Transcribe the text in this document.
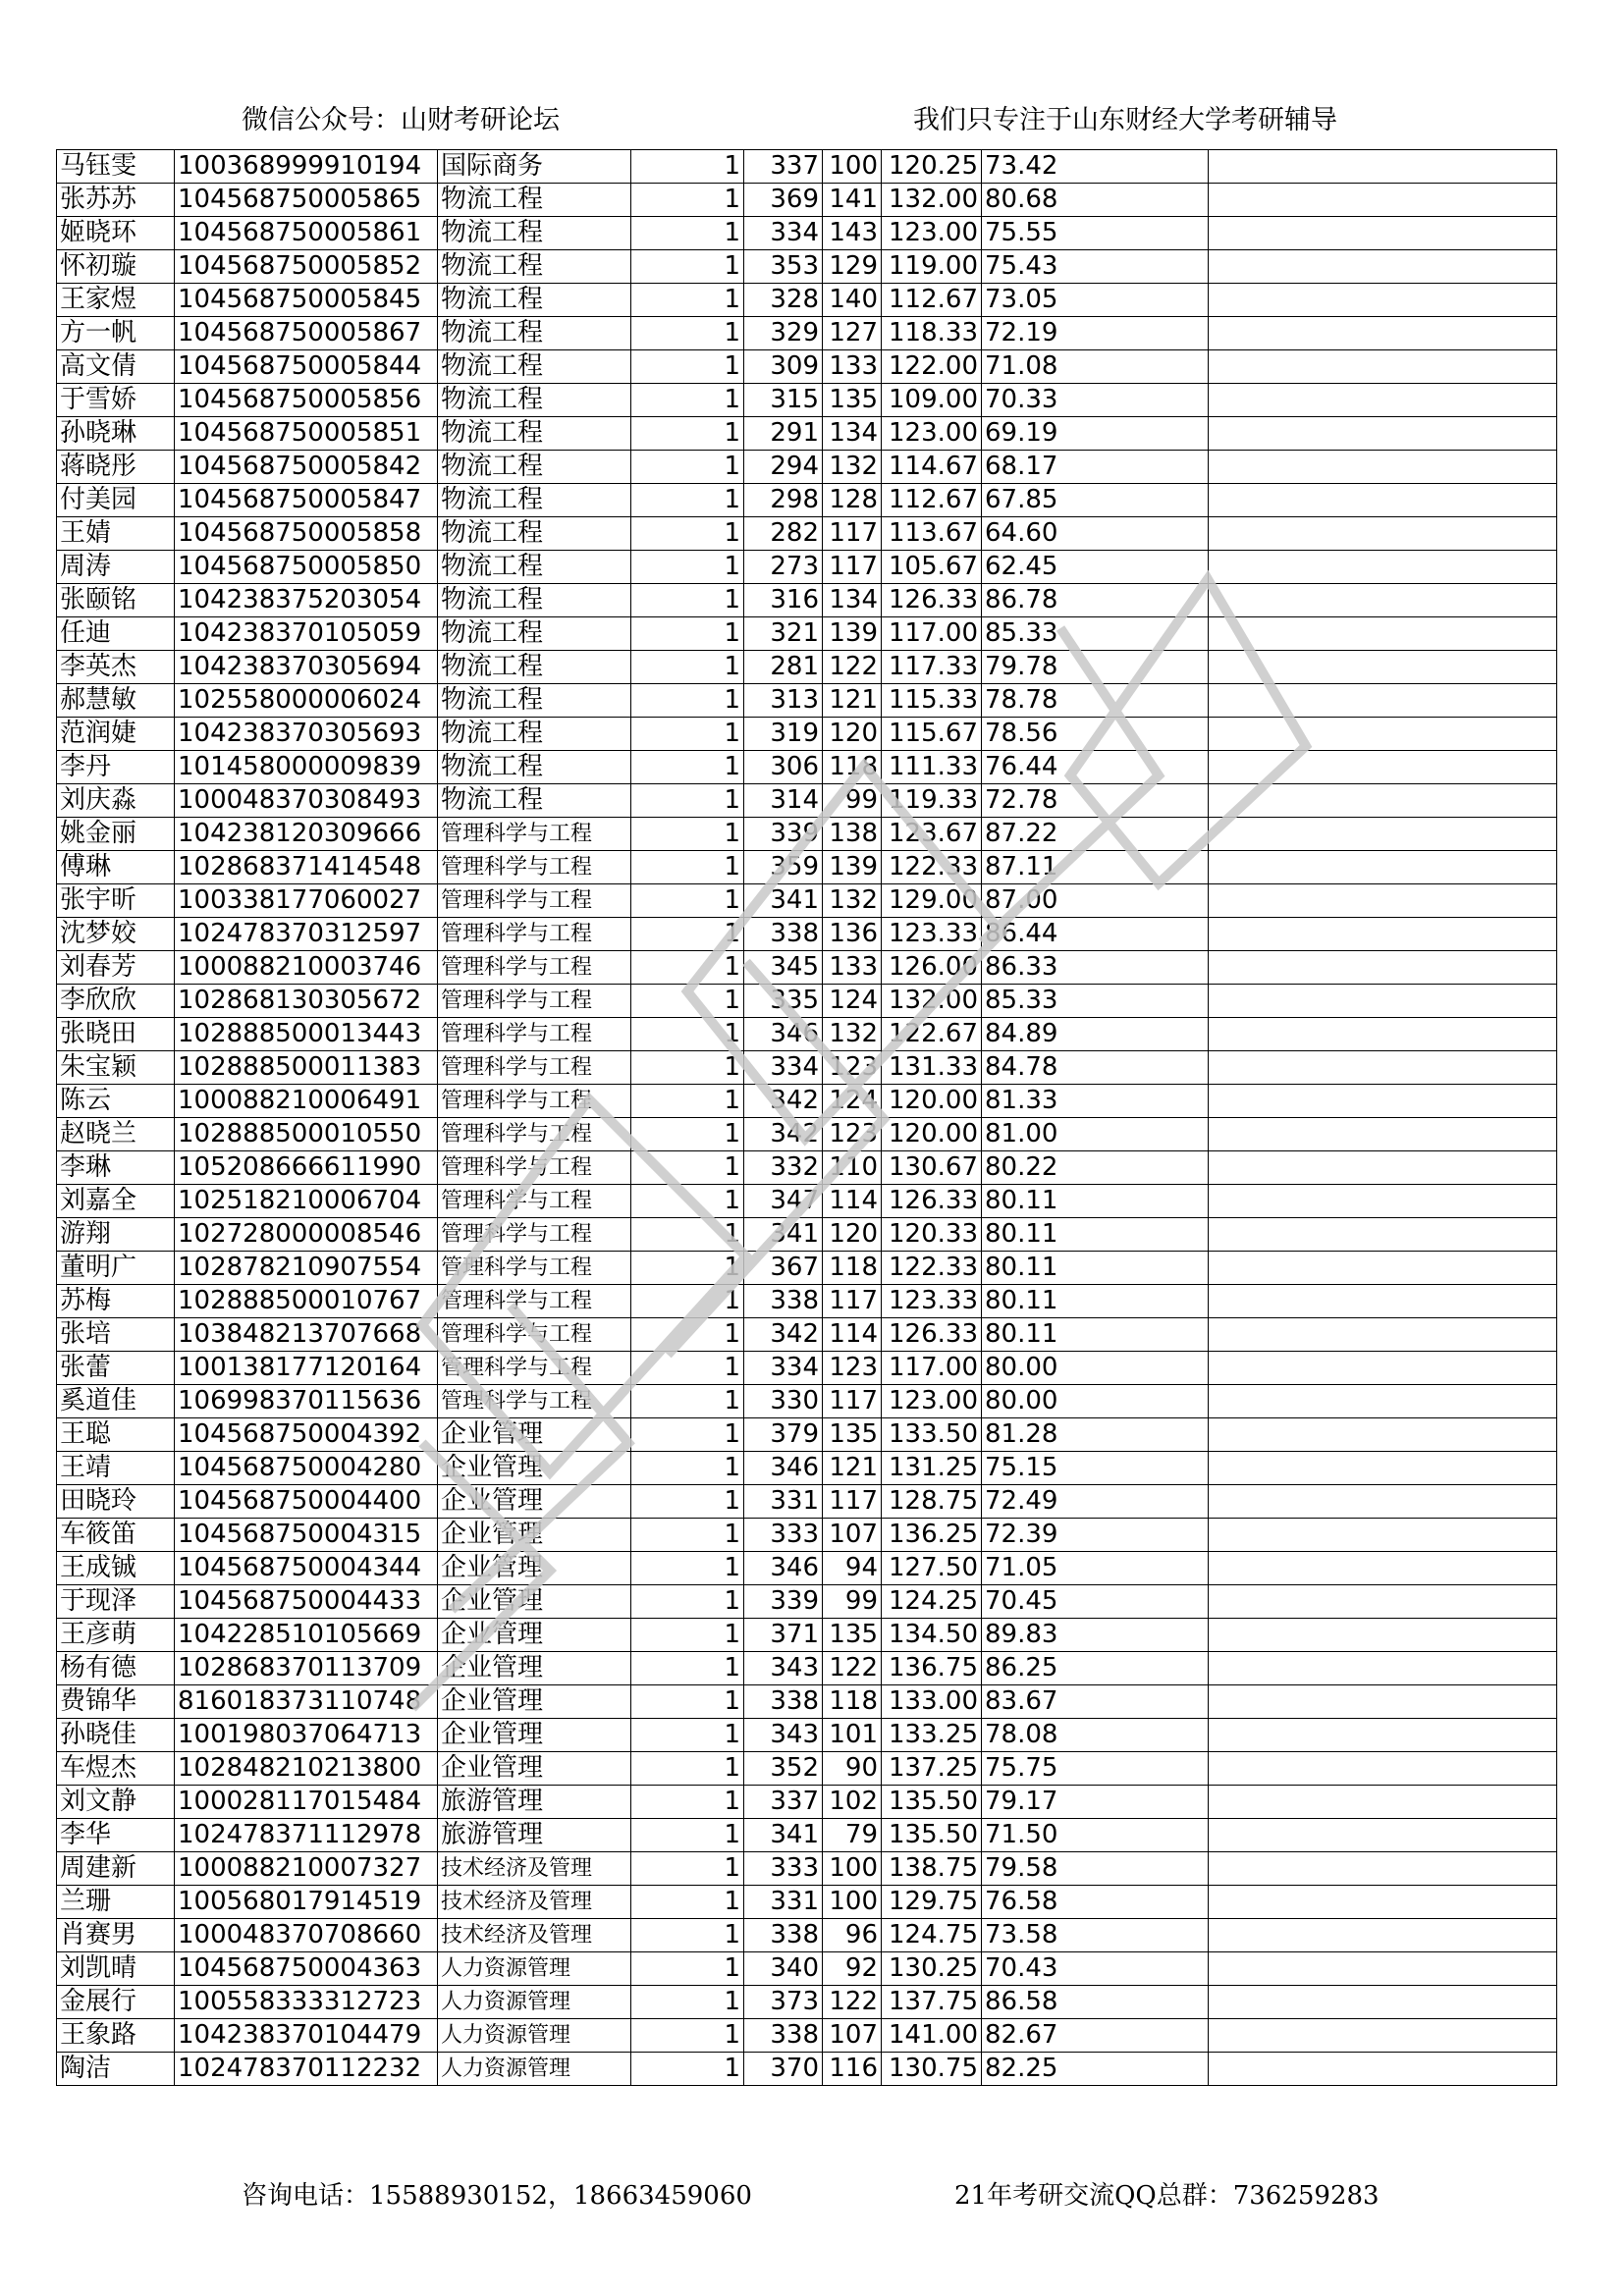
微信公众号：山财考研论坛	我们只专注于山东财经大学考研辅导
马钰雯	100368999910194	国际商务	1	337	100	120.25	73.42	
张苏苏	104568750005865	物流工程	1	369	141	132.00	80.68	
姬晓环	104568750005861	物流工程	1	334	143	123.00	75.55	
怀初璇	104568750005852	物流工程	1	353	129	119.00	75.43	
王家煜	104568750005845	物流工程	1	328	140	112.67	73.05	
方一帆	104568750005867	物流工程	1	329	127	118.33	72.19	
高文倩	104568750005844	物流工程	1	309	133	122.00	71.08	
于雪娇	104568750005856	物流工程	1	315	135	109.00	70.33	
孙晓琳	104568750005851	物流工程	1	291	134	123.00	69.19	
蒋晓彤	104568750005842	物流工程	1	294	132	114.67	68.17	
付美园	104568750005847	物流工程	1	298	128	112.67	67.85	
王婧	104568750005858	物流工程	1	282	117	113.67	64.60	
周涛	104568750005850	物流工程	1	273	117	105.67	62.45	
张颐铭	104238375203054	物流工程	1	316	134	126.33	86.78	
任迪	104238370105059	物流工程	1	321	139	117.00	85.33	
李英杰	104238370305694	物流工程	1	281	122	117.33	79.78	
郝慧敏	102558000006024	物流工程	1	313	121	115.33	78.78	
范润婕	104238370305693	物流工程	1	319	120	115.67	78.56	
李丹	101458000009839	物流工程	1	306	118	111.33	76.44	
刘庆淼	100048370308493	物流工程	1	314	99	119.33	72.78	
姚金丽	104238120309666	管理科学与工程	1	339	138	123.67	87.22	
傅琳	102868371414548	管理科学与工程	1	359	139	122.33	87.11	
张宇昕	100338177060027	管理科学与工程	1	341	132	129.00	87.00	
沈梦姣	102478370312597	管理科学与工程	1	338	136	123.33	86.44	
刘春芳	100088210003746	管理科学与工程	1	345	133	126.00	86.33	
李欣欣	102868130305672	管理科学与工程	1	335	124	132.00	85.33	
张晓田	102888500013443	管理科学与工程	1	346	132	122.67	84.89	
朱宝颖	102888500011383	管理科学与工程	1	334	123	131.33	84.78	
陈云	100088210006491	管理科学与工程	1	342	124	120.00	81.33	
赵晓兰	102888500010550	管理科学与工程	1	342	123	120.00	81.00	
李琳	105208666611990	管理科学与工程	1	332	110	130.67	80.22	
刘嘉全	102518210006704	管理科学与工程	1	347	114	126.33	80.11	
游翔	102728000008546	管理科学与工程	1	341	120	120.33	80.11	
董明广	102878210907554	管理科学与工程	1	367	118	122.33	80.11	
苏梅	102888500010767	管理科学与工程	1	338	117	123.33	80.11	
张培	103848213707668	管理科学与工程	1	342	114	126.33	80.11	
张蕾	100138177120164	管理科学与工程	1	334	123	117.00	80.00	
奚道佳	106998370115636	管理科学与工程	1	330	117	123.00	80.00	
王聪	104568750004392	企业管理	1	379	135	133.50	81.28	
王靖	104568750004280	企业管理	1	346	121	131.25	75.15	
田晓玲	104568750004400	企业管理	1	331	117	128.75	72.49	
车筱笛	104568750004315	企业管理	1	333	107	136.25	72.39	
王成铖	104568750004344	企业管理	1	346	94	127.50	71.05	
于现泽	104568750004433	企业管理	1	339	99	124.25	70.45	
王彦萌	104228510105669	企业管理	1	371	135	134.50	89.83	
杨有德	102868370113709	企业管理	1	343	122	136.75	86.25	
费锦华	816018373110748	企业管理	1	338	118	133.00	83.67	
孙晓佳	100198037064713	企业管理	1	343	101	133.25	78.08	
车煜杰	102848210213800	企业管理	1	352	90	137.25	75.75	
刘文静	100028117015484	旅游管理	1	337	102	135.50	79.17	
李华	102478371112978	旅游管理	1	341	79	135.50	71.50	
周建新	100088210007327	技术经济及管理	1	333	100	138.75	79.58	
兰珊	100568017914519	技术经济及管理	1	331	100	129.75	76.58	
肖赛男	100048370708660	技术经济及管理	1	338	96	124.75	73.58	
刘凯晴	104568750004363	人力资源管理	1	340	92	130.25	70.43	
金展行	100558333312723	人力资源管理	1	373	122	137.75	86.58	
王象路	104238370104479	人力资源管理	1	338	107	141.00	82.67	
陶洁	102478370112232	人力资源管理	1	370	116	130.75	82.25	
咨询电话：15588930152，18663459060	21年考研交流QQ总群：736259283
